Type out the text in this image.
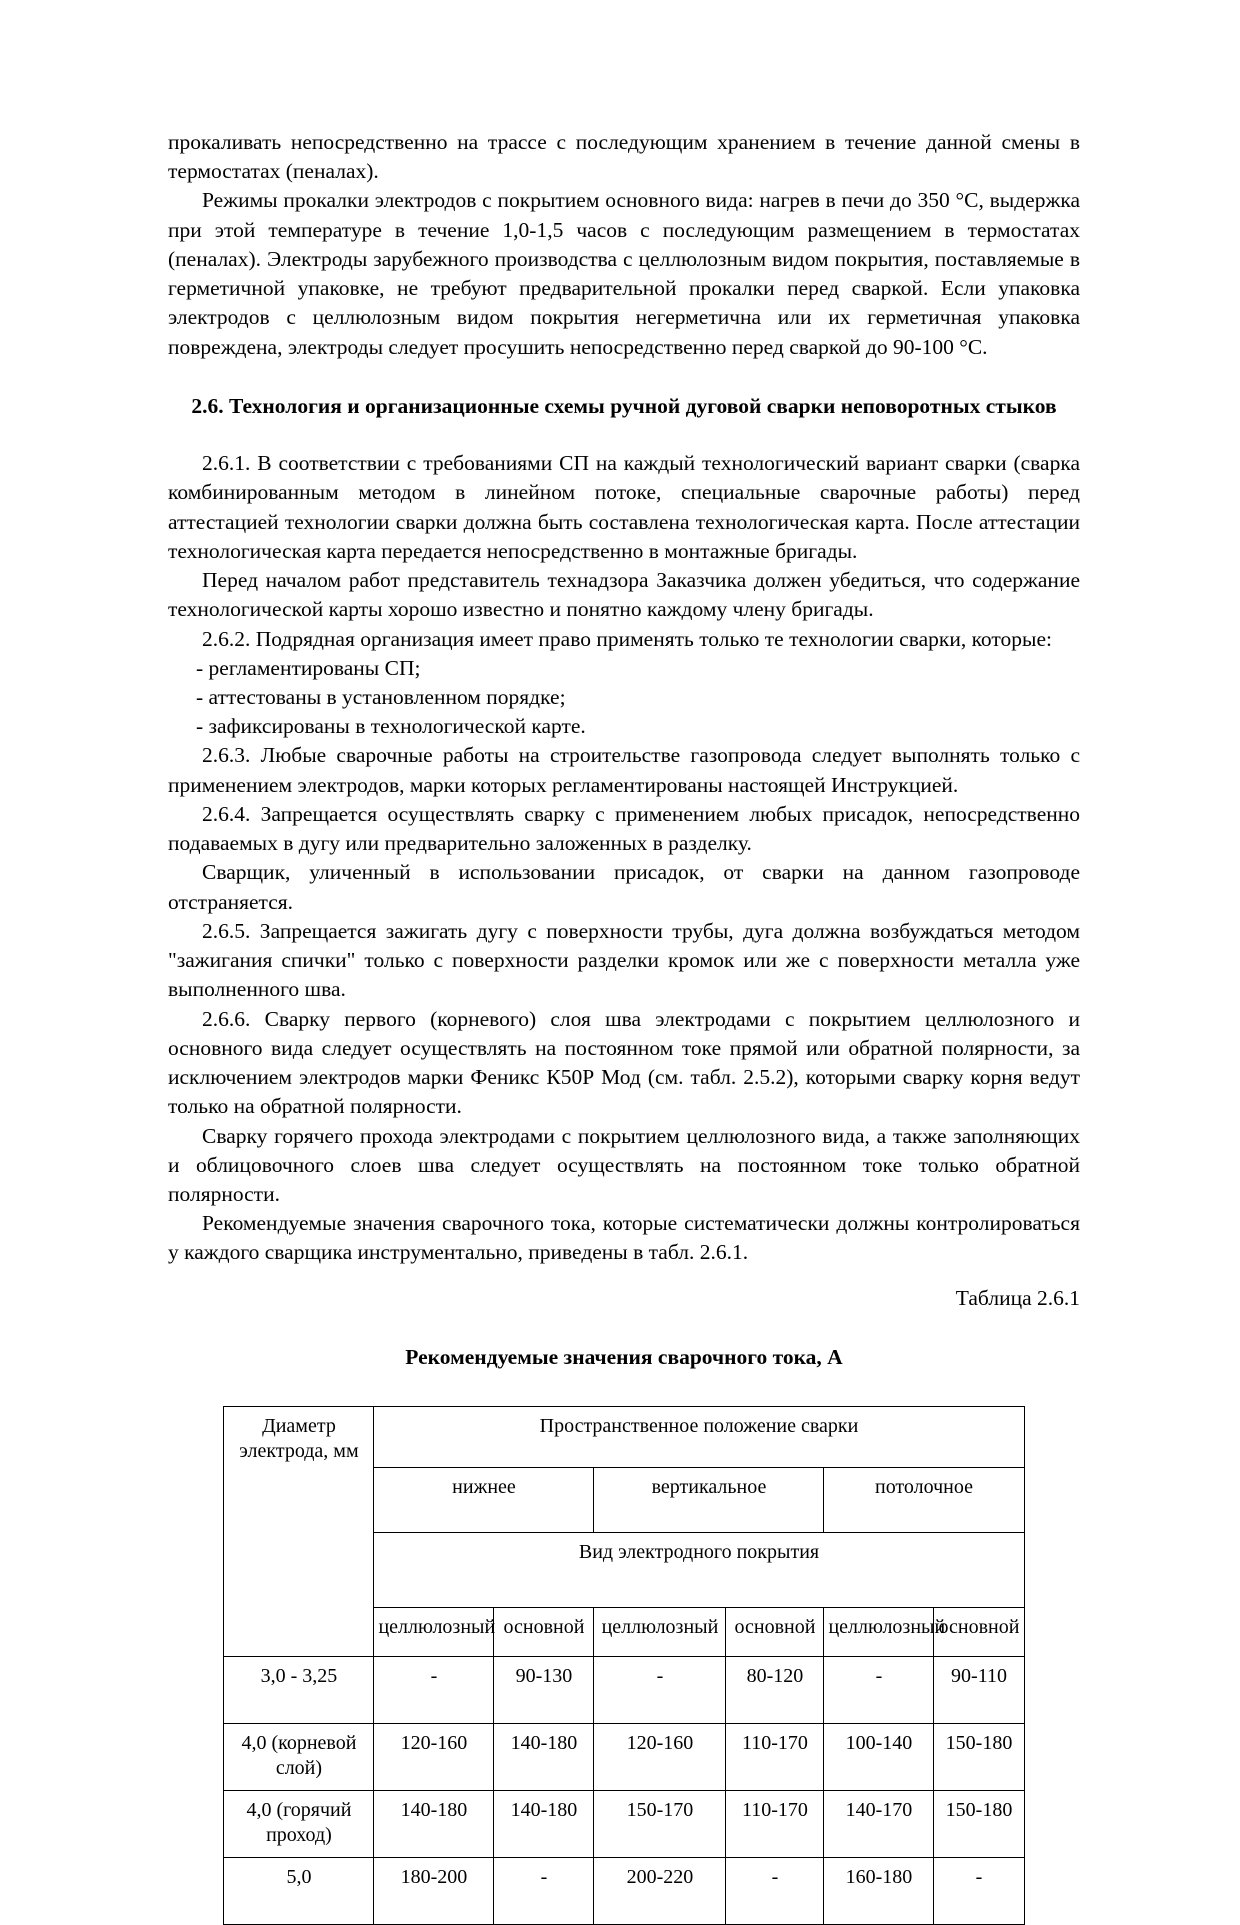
прокаливать непосредственно на трассе с последующим хранением в течение данной смены в термостатах (пеналах).

Режимы прокалки электродов с покрытием основного вида: нагрев в печи до 350 °C, выдержка при этой температуре в течение 1,0-1,5 часов с последующим размещением в термостатах (пеналах). Электроды зарубежного производства с целлюлозным видом покрытия, поставляемые в герметичной упаковке, не требуют предварительной прокалки перед сваркой. Если упаковка электродов с целлюлозным видом покрытия негерметична или их герметичная упаковка повреждена, электроды следует просушить непосредственно перед сваркой до 90-100 °C.

2.6. Технология и организационные схемы ручной дуговой сварки неповоротных стыков

2.6.1. В соответствии с требованиями СП на каждый технологический вариант сварки (сварка комбинированным методом в линейном потоке, специальные сварочные работы) перед аттестацией технологии сварки должна быть составлена технологическая карта. После аттестации технологическая карта передается непосредственно в монтажные бригады.

Перед началом работ представитель технадзора Заказчика должен убедиться, что содержание технологической карты хорошо известно и понятно каждому члену бригады.

2.6.2. Подрядная организация имеет право применять только те технологии сварки, которые:

- регламентированы СП;

- аттестованы в установленном порядке;

- зафиксированы в технологической карте.

2.6.3. Любые сварочные работы на строительстве газопровода следует выполнять только с применением электродов, марки которых регламентированы настоящей Инструкцией.

2.6.4. Запрещается осуществлять сварку с применением любых присадок, непосредственно подаваемых в дугу или предварительно заложенных в разделку.

Сварщик, уличенный в использовании присадок, от сварки на данном газопроводе отстраняется.

2.6.5. Запрещается зажигать дугу с поверхности трубы, дуга должна возбуждаться методом "зажигания спички" только с поверхности разделки кромок или же с поверхности металла уже выполненного шва.

2.6.6. Сварку первого (корневого) слоя шва электродами с покрытием целлюлозного и основного вида следует осуществлять на постоянном токе прямой или обратной полярности, за исключением электродов марки Феникс К50Р Мод (см. табл. 2.5.2), которыми сварку корня ведут только на обратной полярности.

Сварку горячего прохода электродами с покрытием целлюлозного вида, а также заполняющих и облицовочного слоев шва следует осуществлять на постоянном токе только обратной полярности.

Рекомендуемые значения сварочного тока, которые систематически должны контролироваться у каждого сварщика инструментально, приведены в табл. 2.6.1.

Таблица 2.6.1
Рекомендуемые значения сварочного тока, А
Диаметр электрода, мм	Пространственное положение сварки					
	нижнее		вертикальное		потолочное	
	Вид электродного покрытия					
	целлюлозный	основной	целлюлозный	основной	целлюлозный	основной
3,0 - 3,25	-	90-130	-	80-120	-	90-110
4,0 (корневой слой)	120-160	140-180	120-160	110-170	100-140	150-180
4,0 (горячий проход)	140-180	140-180	150-170	110-170	140-170	150-180
5,0	180-200	-	200-220	-	160-180	-
